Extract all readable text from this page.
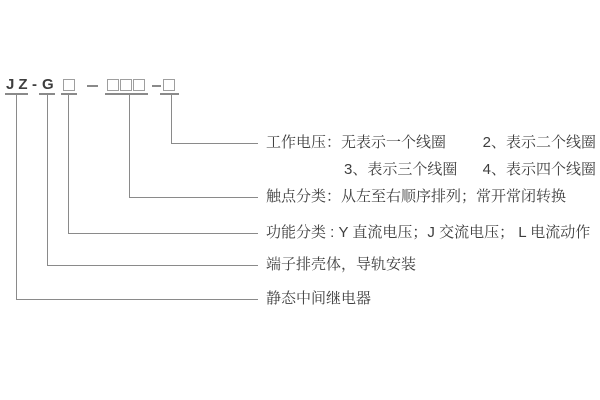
JZ - G
工作电压：无表示一个线圈 2、表示二个线圈
3、表示三个线圈 4、表示四个线圈
触点分类：从左至右顺序排列；常开常闭转换
功能分类 : Y 直流电压；J 交流电压； L 电流动作
端子排壳体，导轨安装
静态中间继电器
